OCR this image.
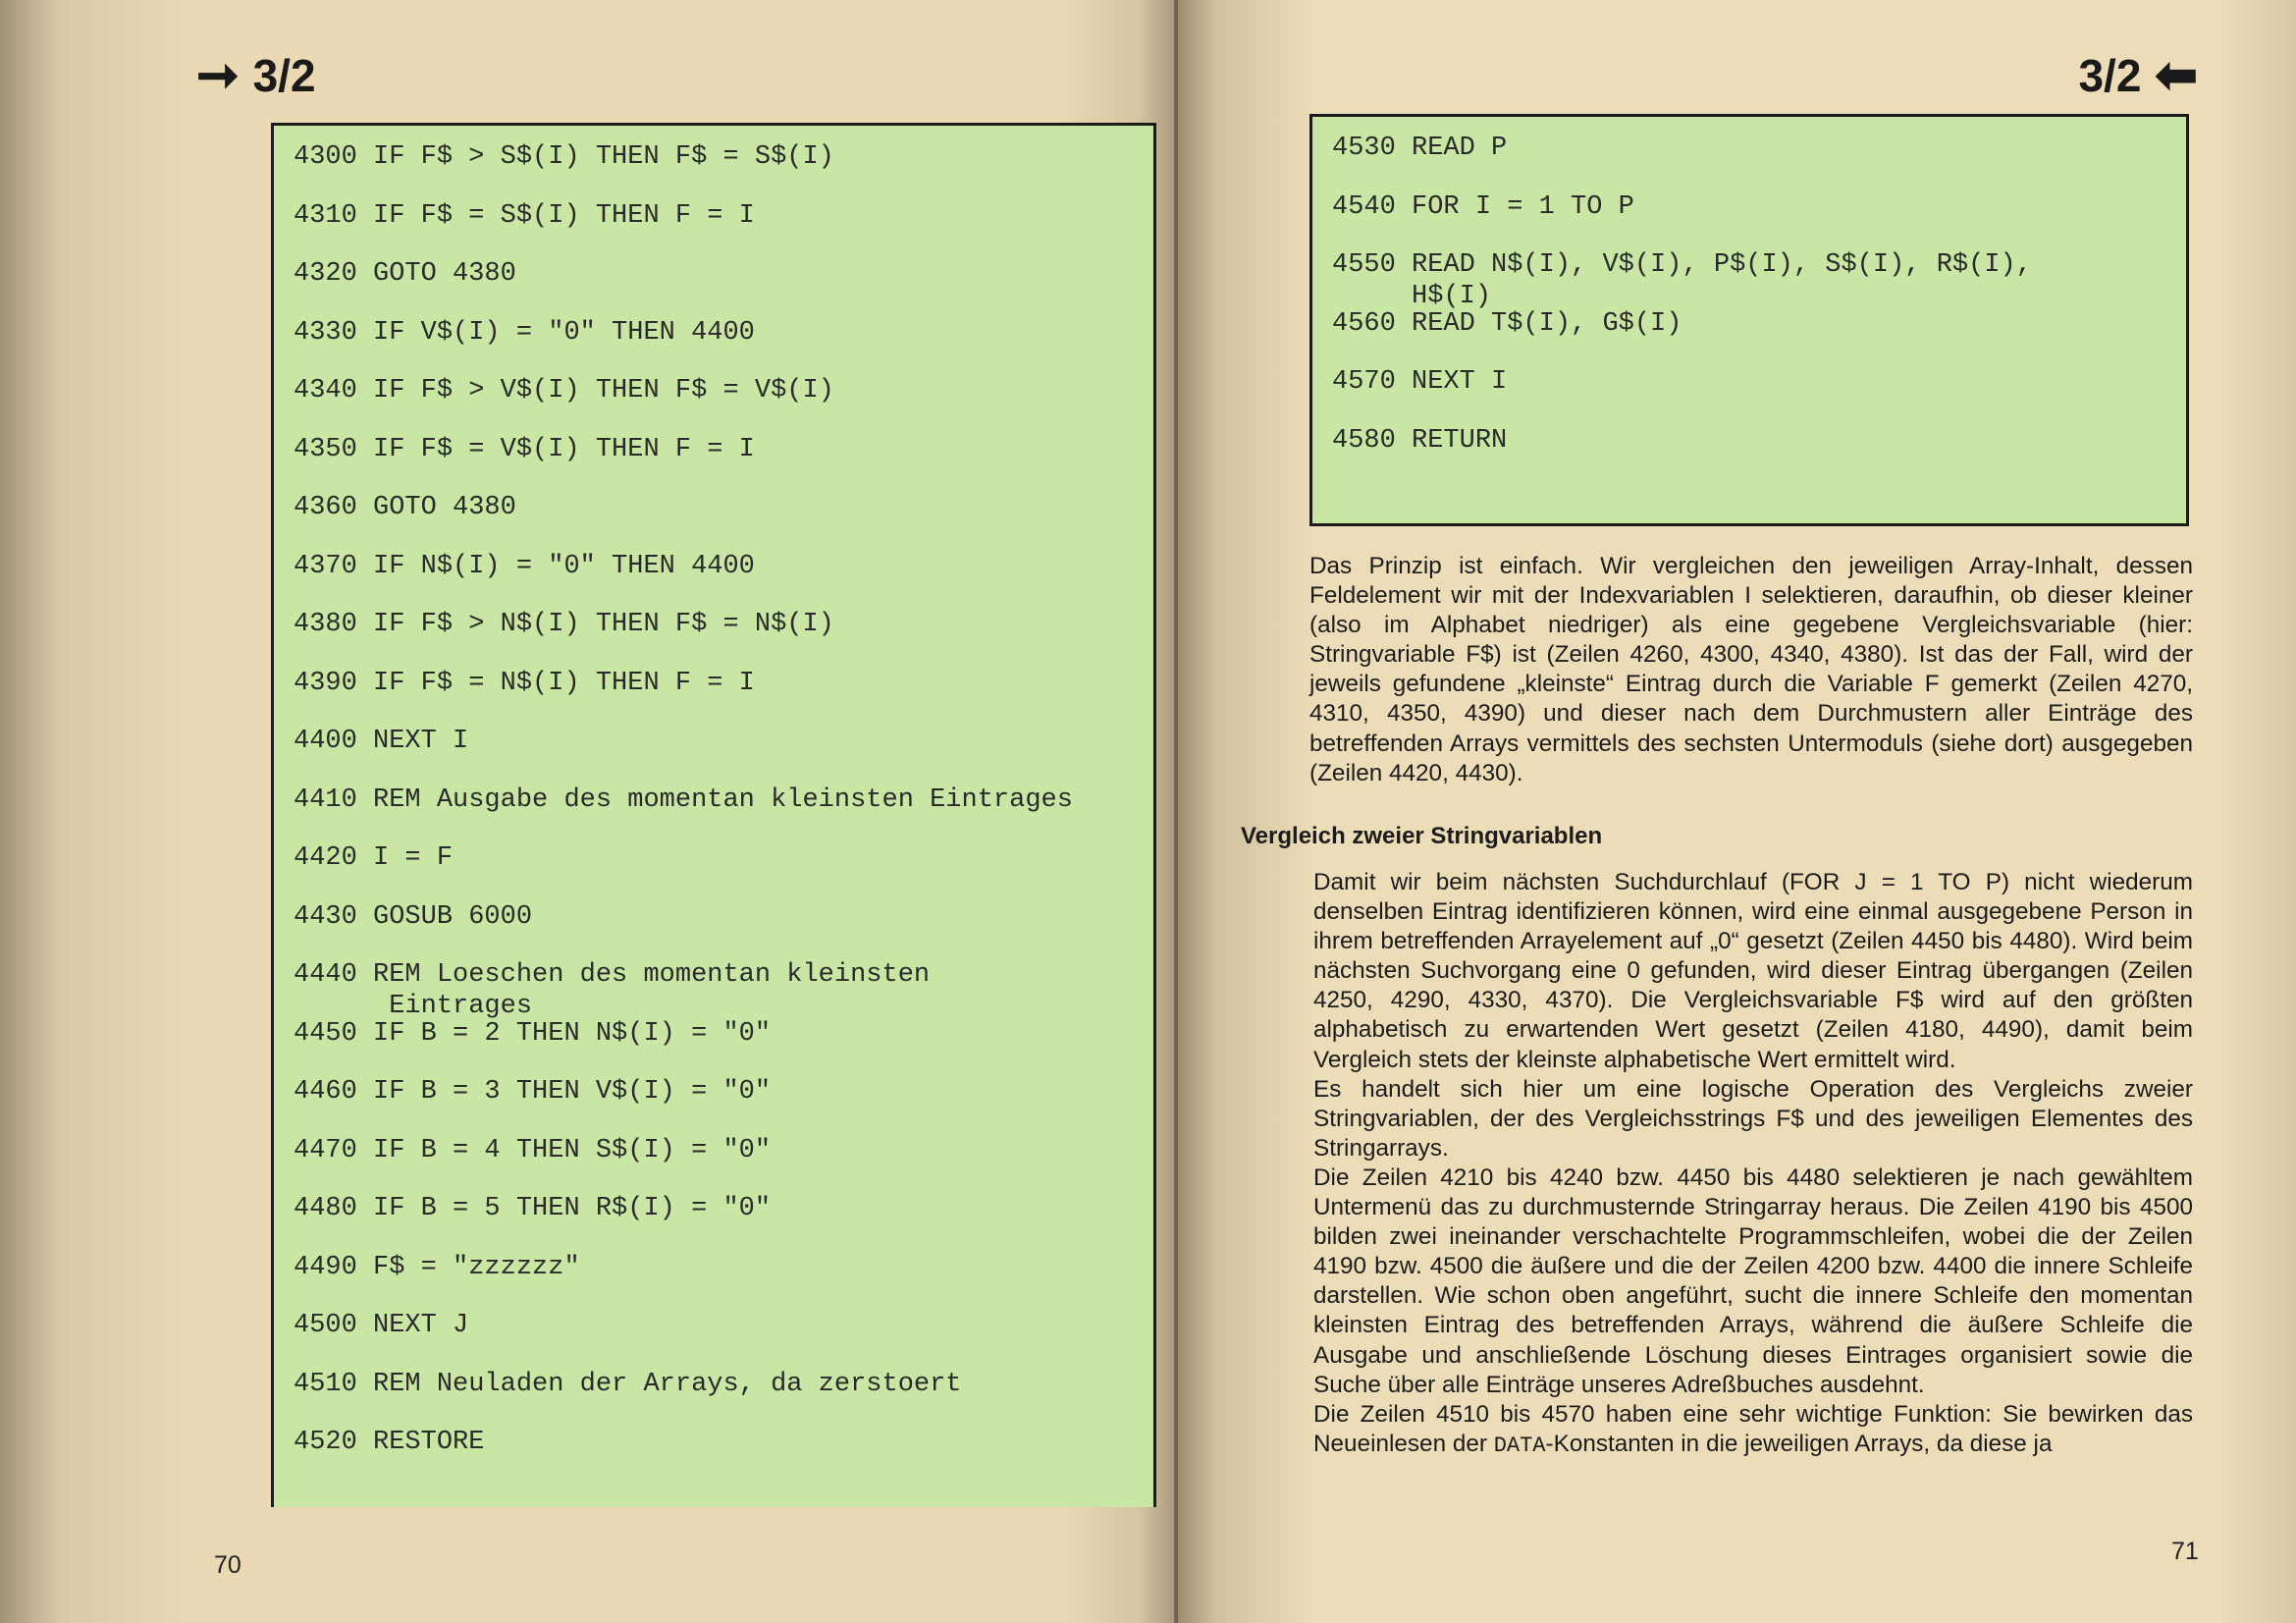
➞ 3/2
4300 IF F$ > S$(I) THEN F$ = S$(I)
4310 IF F$ = S$(I) THEN F = I
4320 GOTO 4380
4330 IF V$(I) = "0" THEN 4400
4340 IF F$ > V$(I) THEN F$ = V$(I)
4350 IF F$ = V$(I) THEN F = I
4360 GOTO 4380
4370 IF N$(I) = "0" THEN 4400
4380 IF F$ > N$(I) THEN F$ = N$(I)
4390 IF F$ = N$(I) THEN F = I
4400 NEXT I
4410 REM Ausgabe des momentan kleinsten Eintrages
4420 I = F
4430 GOSUB 6000
4440 REM Loeschen des momentan kleinsten
Eintrages
4450 IF B = 2 THEN N$(I) = "0"
4460 IF B = 3 THEN V$(I) = "0"
4470 IF B = 4 THEN S$(I) = "0"
4480 IF B = 5 THEN R$(I) = "0"
4490 F$ = "zzzzzz"
4500 NEXT J
4510 REM Neuladen der Arrays, da zerstoert
4520 RESTORE
70
3/2 ⬅
4530 READ P
4540 FOR I = 1 TO P
4550 READ N$(I), V$(I), P$(I), S$(I), R$(I),
H$(I)
4560 READ T$(I), G$(I)
4570 NEXT I
4580 RETURN

Das Prinzip ist einfach. Wir vergleichen den jeweiligen Array-Inhalt, dessen Feldelement wir mit der Indexvariablen I selektieren, daraufhin, ob dieser kleiner (also im Alphabet niedriger) als eine gegebene Vergleichsvariable (hier: Stringvariable F$) ist (Zeilen 4260, 4300, 4340, 4380). Ist das der Fall, wird der jeweils gefundene „kleinste“ Eintrag durch die Variable F gemerkt (Zeilen 4270, 4310, 4350, 4390) und dieser nach dem Durchmustern aller Einträge des betreffenden Arrays vermittels des sechsten Untermoduls (siehe dort) ausgegeben (Zeilen 4420, 4430).

Vergleich zweier Stringvariablen

Damit wir beim nächsten Suchdurchlauf (FOR J = 1 TO P) nicht wiederum denselben Eintrag identifizieren können, wird eine einmal ausgegebene Person in ihrem betreffenden Arrayelement auf „0“ gesetzt (Zeilen 4450 bis 4480). Wird beim nächsten Suchvorgang eine 0 gefunden, wird dieser Eintrag übergangen (Zeilen 4250, 4290, 4330, 4370). Die Vergleichsvariable F$ wird auf den größten alphabetisch zu erwartenden Wert gesetzt (Zeilen 4180, 4490), damit beim Vergleich stets der kleinste alphabetische Wert ermittelt wird.

Es handelt sich hier um eine logische Operation des Vergleichs zweier Stringvariablen, der des Vergleichsstrings F$ und des jeweiligen Elementes des Stringarrays.

Die Zeilen 4210 bis 4240 bzw. 4450 bis 4480 selektieren je nach gewähltem Untermenü das zu durchmusternde Stringarray heraus. Die Zeilen 4190 bis 4500 bilden zwei ineinander verschachtelte Programmschleifen, wobei die der Zeilen 4190 bzw. 4500 die äußere und die der Zeilen 4200 bzw. 4400 die innere Schleife darstellen. Wie schon oben angeführt, sucht die innere Schleife den momentan kleinsten Eintrag des betreffenden Arrays, während die äußere Schleife die Ausgabe und anschließende Löschung dieses Eintrages organisiert sowie die Suche über alle Einträge unseres Adreßbuches ausdehnt.

Die Zeilen 4510 bis 4570 haben eine sehr wichtige Funktion: Sie bewirken das Neueinlesen der DATA-Konstanten in die jeweiligen Arrays, da diese ja

71
